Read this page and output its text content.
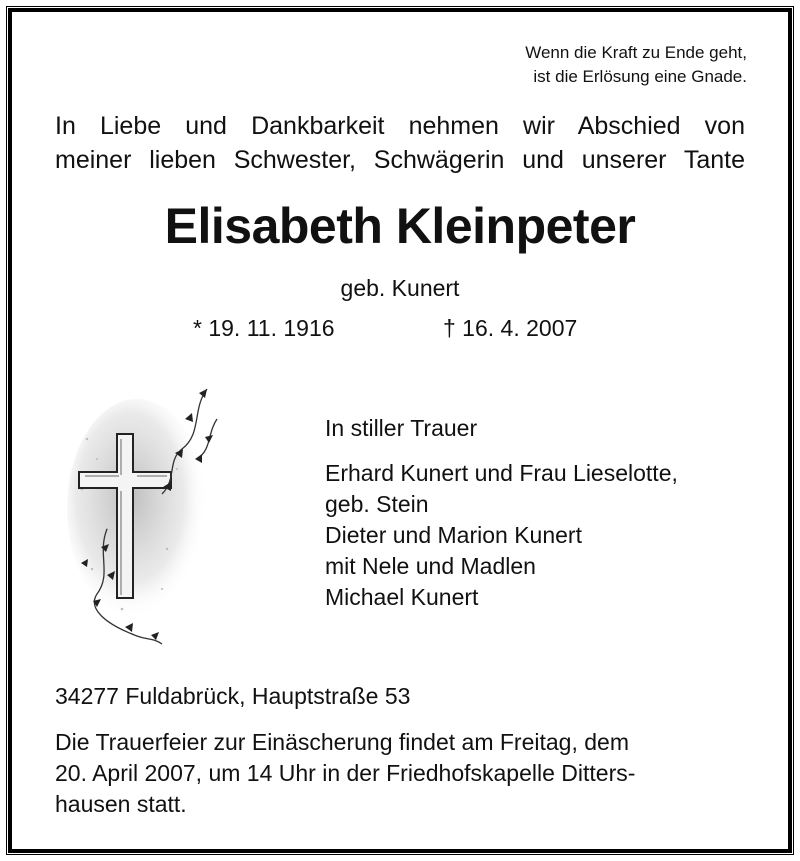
Wenn die Kraft zu Ende geht,
ist die Erlösung eine Gnade.
In Liebe und Dankbarkeit nehmen wir Abschied von
meiner lieben Schwester, Schwägerin und unserer Tante
Elisabeth Kleinpeter
geb. Kunert
* 19. 11. 1916	† 16. 4. 2007
In stiller Trauer
Erhard Kunert und Frau Lieselotte,
geb. Stein
Dieter und Marion Kunert
mit Nele und Madlen
Michael Kunert
34277 Fuldabrück, Hauptstraße 53
Die Trauerfeier zur Einäscherung findet am Freitag, dem
20. April 2007, um 14 Uhr in der Friedhofskapelle Ditters-
hausen statt.
